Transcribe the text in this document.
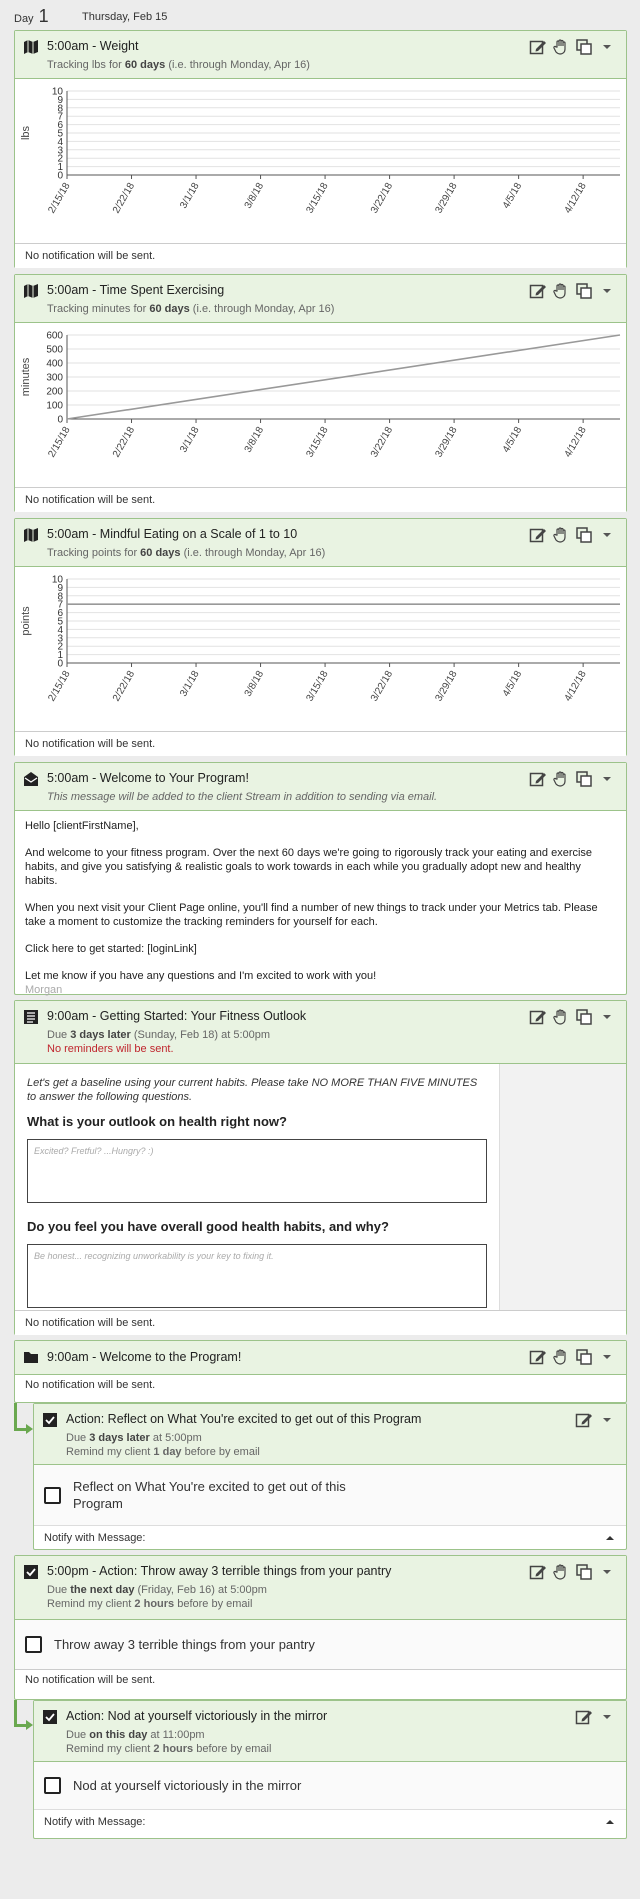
Day 1	Thursday, Feb 15
5:00am - Weight
Tracking lbs for 60 days (i.e. through Monday, Apr 16)
lbs
0
1
2
3
4
5
6
7
8
9
10
2/15/18	2/22/18	3/1/18	3/8/18	3/15/18	3/22/18	3/29/18	4/5/18	4/12/18
No notification will be sent.
5:00am - Time Spent Exercising
Tracking minutes for 60 days (i.e. through Monday, Apr 16)
minutes
0
100
200
300
400
500
600
2/15/18	2/22/18	3/1/18	3/8/18	3/15/18	3/22/18	3/29/18	4/5/18	4/12/18
No notification will be sent.
5:00am - Mindful Eating on a Scale of 1 to 10
Tracking points for 60 days (i.e. through Monday, Apr 16)
points
0
1
2
3
4
5
6
7
8
9
10
2/15/18	2/22/18	3/1/18	3/8/18	3/15/18	3/22/18	3/29/18	4/5/18	4/12/18
No notification will be sent.
5:00am - Welcome to Your Program!
This message will be added to the client Stream in addition to sending via email.

Hello [clientFirstName],

And welcome to your fitness program. Over the next 60 days we're going to rigorously track your eating and exercise habits, and give you satisfying & realistic goals to work towards in each while you gradually adopt new and healthy habits.

When you next visit your Client Page online, you'll find a number of new things to track under your Metrics tab. Please take a moment to customize the tracking reminders for yourself for each.

Click here to get started: [loginLink]

Let me know if you have any questions and I'm excited to work with you!
Morgan
9:00am - Getting Started: Your Fitness Outlook
Due 3 days later (Sunday, Feb 18) at 5:00pm
No reminders will be sent.
Let's get a baseline using your current habits. Please take NO MORE THAN FIVE MINUTES to answer the following questions.
What is your outlook on health right now?
Excited? Fretful? ...Hungry? :)
Do you feel you have overall good health habits, and why?
Be honest... recognizing unworkability is your key to fixing it.
No notification will be sent.
9:00am - Welcome to the Program!
No notification will be sent.
Action: Reflect on What You're excited to get out of this Program
Due 3 days later at 5:00pm
Remind my client 1 day before by email
Reflect on What You're excited to get out of this Program
Notify with Message:
5:00pm - Action: Throw away 3 terrible things from your pantry
Due the next day (Friday, Feb 16) at 5:00pm
Remind my client 2 hours before by email
Throw away 3 terrible things from your pantry
No notification will be sent.
Action: Nod at yourself victoriously in the mirror
Due on this day at 11:00pm
Remind my client 2 hours before by email
Nod at yourself victoriously in the mirror
Notify with Message:
